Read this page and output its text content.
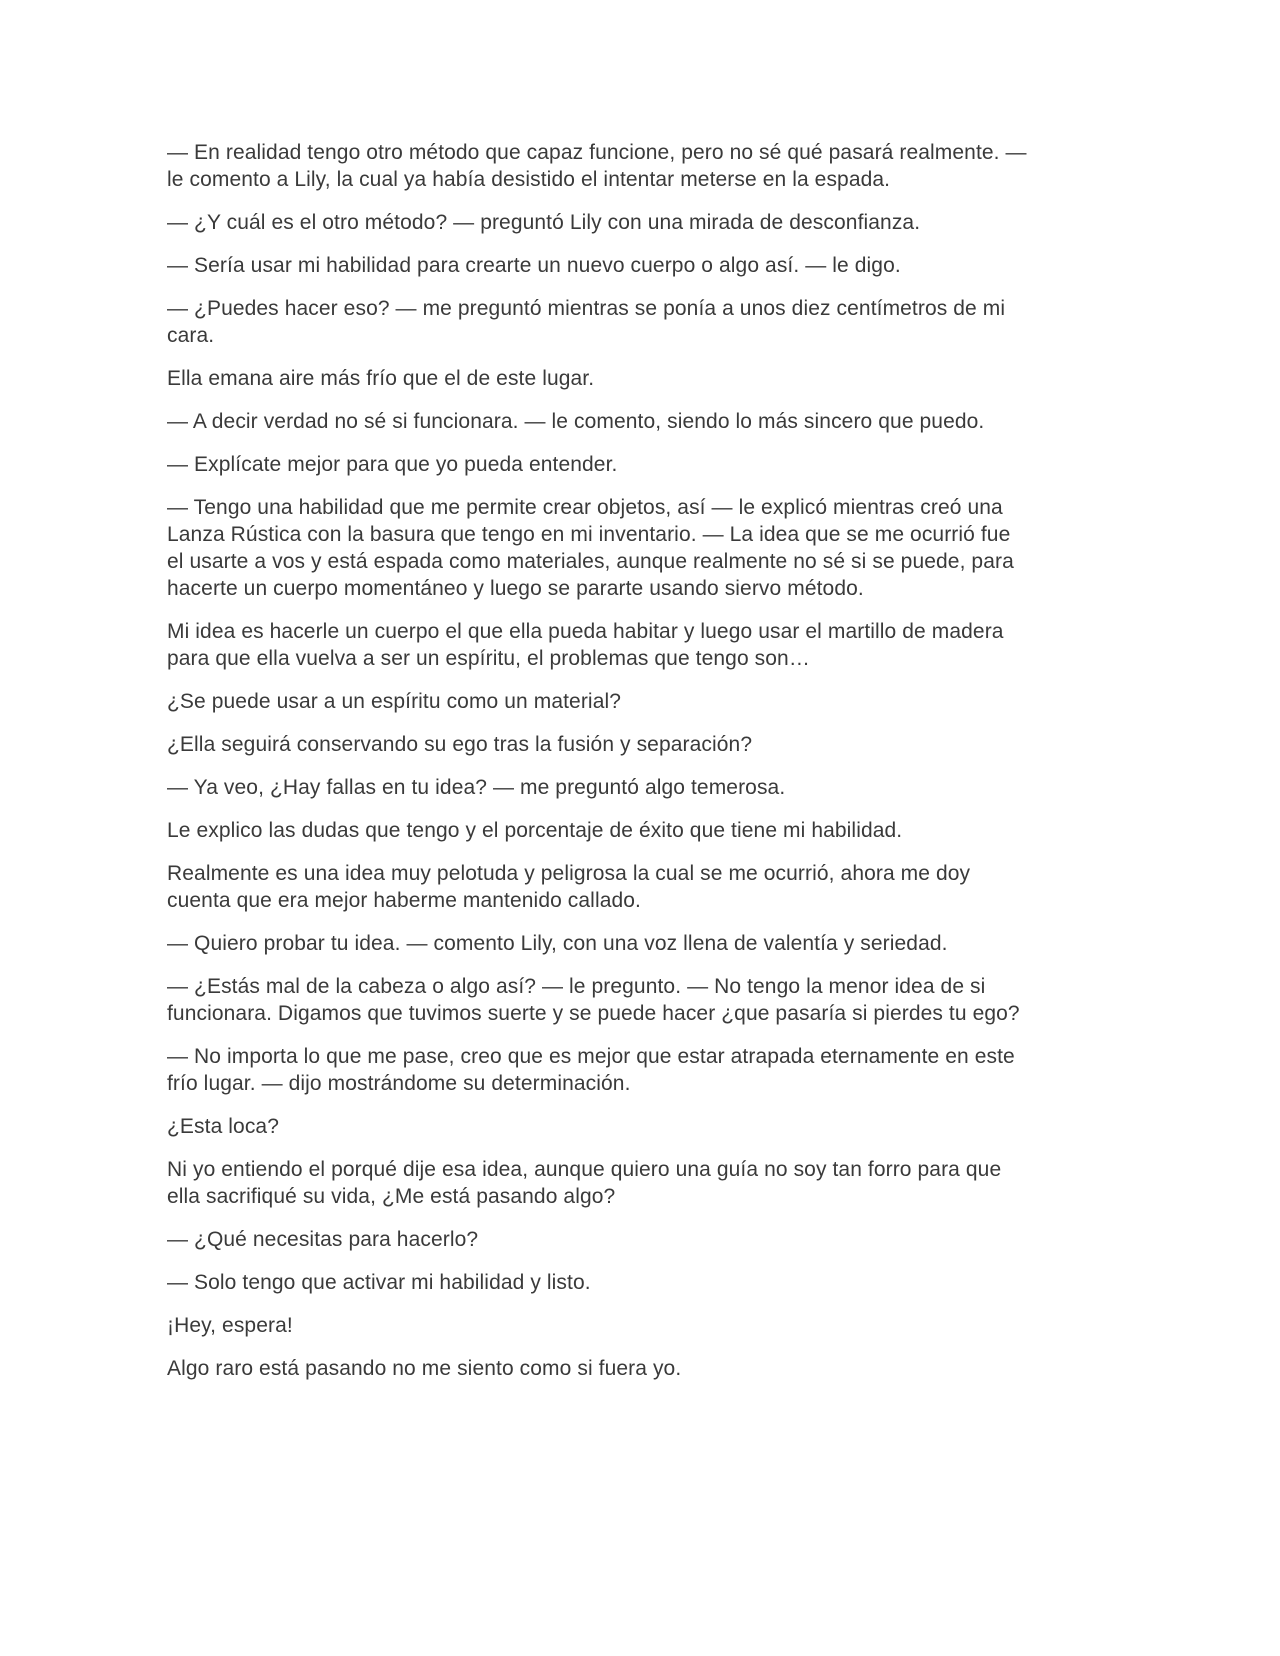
— En realidad tengo otro método que capaz funcione, pero no sé qué pasará realmente. — le comento a Lily, la cual ya había desistido el intentar meterse en la espada.

— ¿Y cuál es el otro método? — preguntó Lily con una mirada de desconfianza.

— Sería usar mi habilidad para crearte un nuevo cuerpo o algo así. — le digo.

— ¿Puedes hacer eso? — me preguntó mientras se ponía a unos diez centímetros de mi cara.

Ella emana aire más frío que el de este lugar.

— A decir verdad no sé si funcionara. — le comento, siendo lo más sincero que puedo.

— Explícate mejor para que yo pueda entender.

— Tengo una habilidad que me permite crear objetos, así — le explicó mientras creó una Lanza Rústica con la basura que tengo en mi inventario. — La idea que se me ocurrió fue el usarte a vos y está espada como materiales, aunque realmente no sé si se puede, para hacerte un cuerpo momentáneo y luego se pararte usando siervo método.

Mi idea es hacerle un cuerpo el que ella pueda habitar y luego usar el martillo de madera para que ella vuelva a ser un espíritu, el problemas que tengo son…

¿Se puede usar a un espíritu como un material?

¿Ella seguirá conservando su ego tras la fusión y separación?

— Ya veo, ¿Hay fallas en tu idea? — me preguntó algo temerosa.

Le explico las dudas que tengo y el porcentaje de éxito que tiene mi habilidad.

Realmente es una idea muy pelotuda y peligrosa la cual se me ocurrió, ahora me doy cuenta que era mejor haberme mantenido callado.

— Quiero probar tu idea. — comento Lily, con una voz llena de valentía y seriedad.

— ¿Estás mal de la cabeza o algo así? — le pregunto. — No tengo la menor idea de si funcionara. Digamos que tuvimos suerte y se puede hacer ¿que pasaría si pierdes tu ego?

— No importa lo que me pase, creo que es mejor que estar atrapada eternamente en este frío lugar. — dijo mostrándome su determinación.

¿Esta loca?

Ni yo entiendo el porqué dije esa idea, aunque quiero una guía no soy tan forro para que ella sacrifiqué su vida, ¿Me está pasando algo?

— ¿Qué necesitas para hacerlo?

— Solo tengo que activar mi habilidad y listo.

¡Hey, espera!

Algo raro está pasando no me siento como si fuera yo.
